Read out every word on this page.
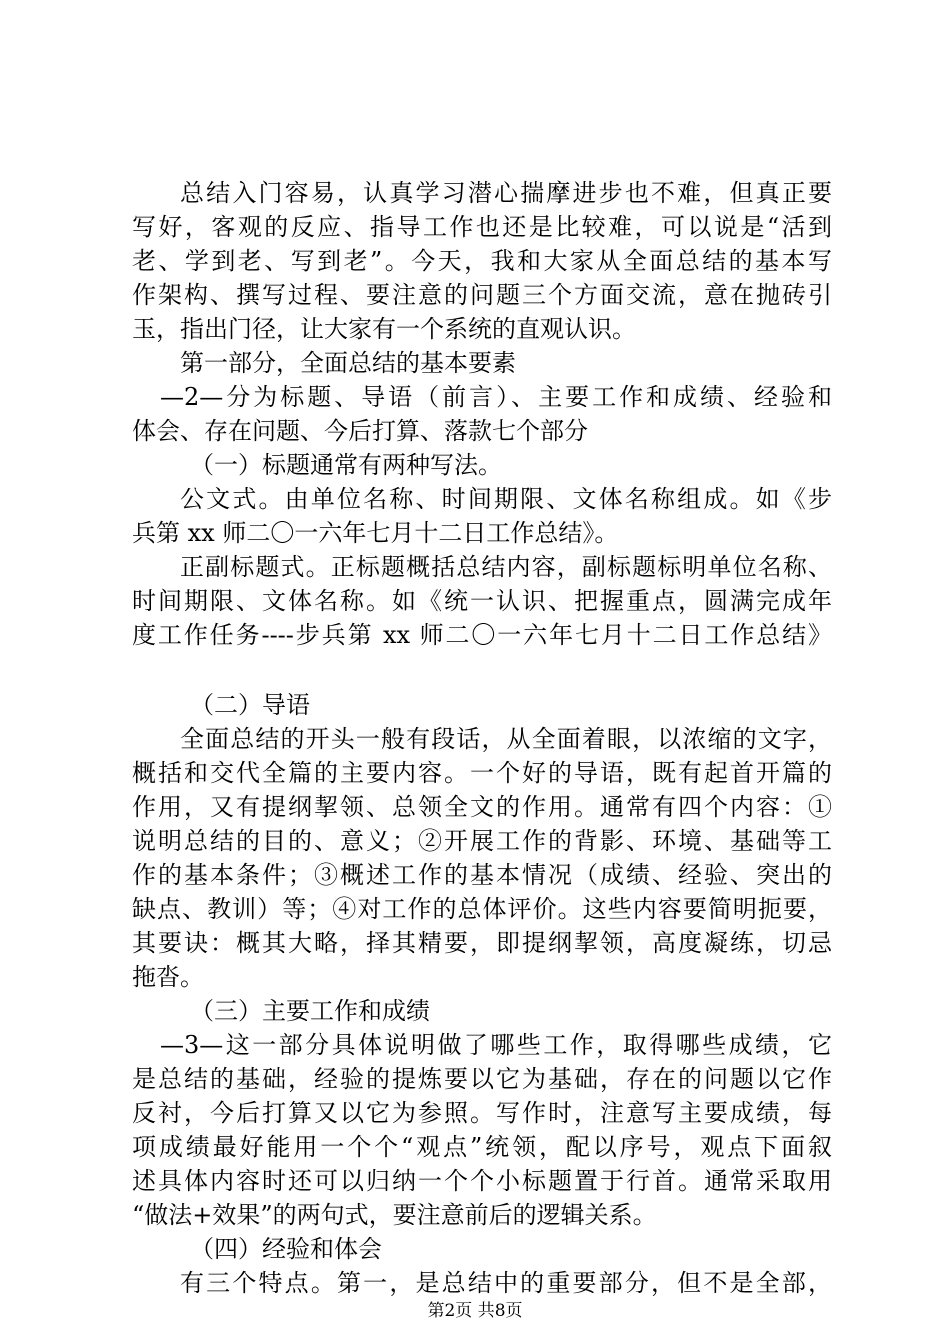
总结入门容易，认真学习潜心揣摩进步也不难，但真正要
写好，客观的反应、指导工作也还是比较难，可以说是“活到
老、学到老、写到老”。今天，我和大家从全面总结的基本写
作架构、撰写过程、要注意的问题三个方面交流，意在抛砖引
玉，指出门径，让大家有一个系统的直观认识。
第一部分，全面总结的基本要素
—2—分为标题、导语（前言）、主要工作和成绩、经验和
体会、存在问题、今后打算、落款七个部分
（一）标题通常有两种写法。
公文式。由单位名称、时间期限、文体名称组成。如《步
兵第 xx 师二〇一六年七月十二日工作总结》。
正副标题式。正标题概括总结内容，副标题标明单位名称、
时间期限、文体名称。如《统一认识、把握重点，圆满完成年
度工作任务----步兵第 xx 师二〇一六年七月十二日工作总结》
（二）导语
全面总结的开头一般有段话，从全面着眼，以浓缩的文字，
概括和交代全篇的主要内容。一个好的导语，既有起首开篇的
作用，又有提纲挈领、总领全文的作用。通常有四个内容：①
说明总结的目的、意义；②开展工作的背影、环境、基础等工
作的基本条件；③概述工作的基本情况（成绩、经验、突出的
缺点、教训）等；④对工作的总体评价。这些内容要简明扼要，
其要诀：概其大略，择其精要，即提纲挈领，高度凝练，切忌
拖沓。
（三）主要工作和成绩
—3—这一部分具体说明做了哪些工作，取得哪些成绩，它
是总结的基础，经验的提炼要以它为基础，存在的问题以它作
反衬，今后打算又以它为参照。写作时，注意写主要成绩，每
项成绩最好能用一个个“观点”统领，配以序号，观点下面叙
述具体内容时还可以归纳一个个小标题置于行首。通常采取用
“做法+效果”的两句式，要注意前后的逻辑关系。
（四）经验和体会
有三个特点。第一，是总结中的重要部分，但不是全部，
第2页 共8页
